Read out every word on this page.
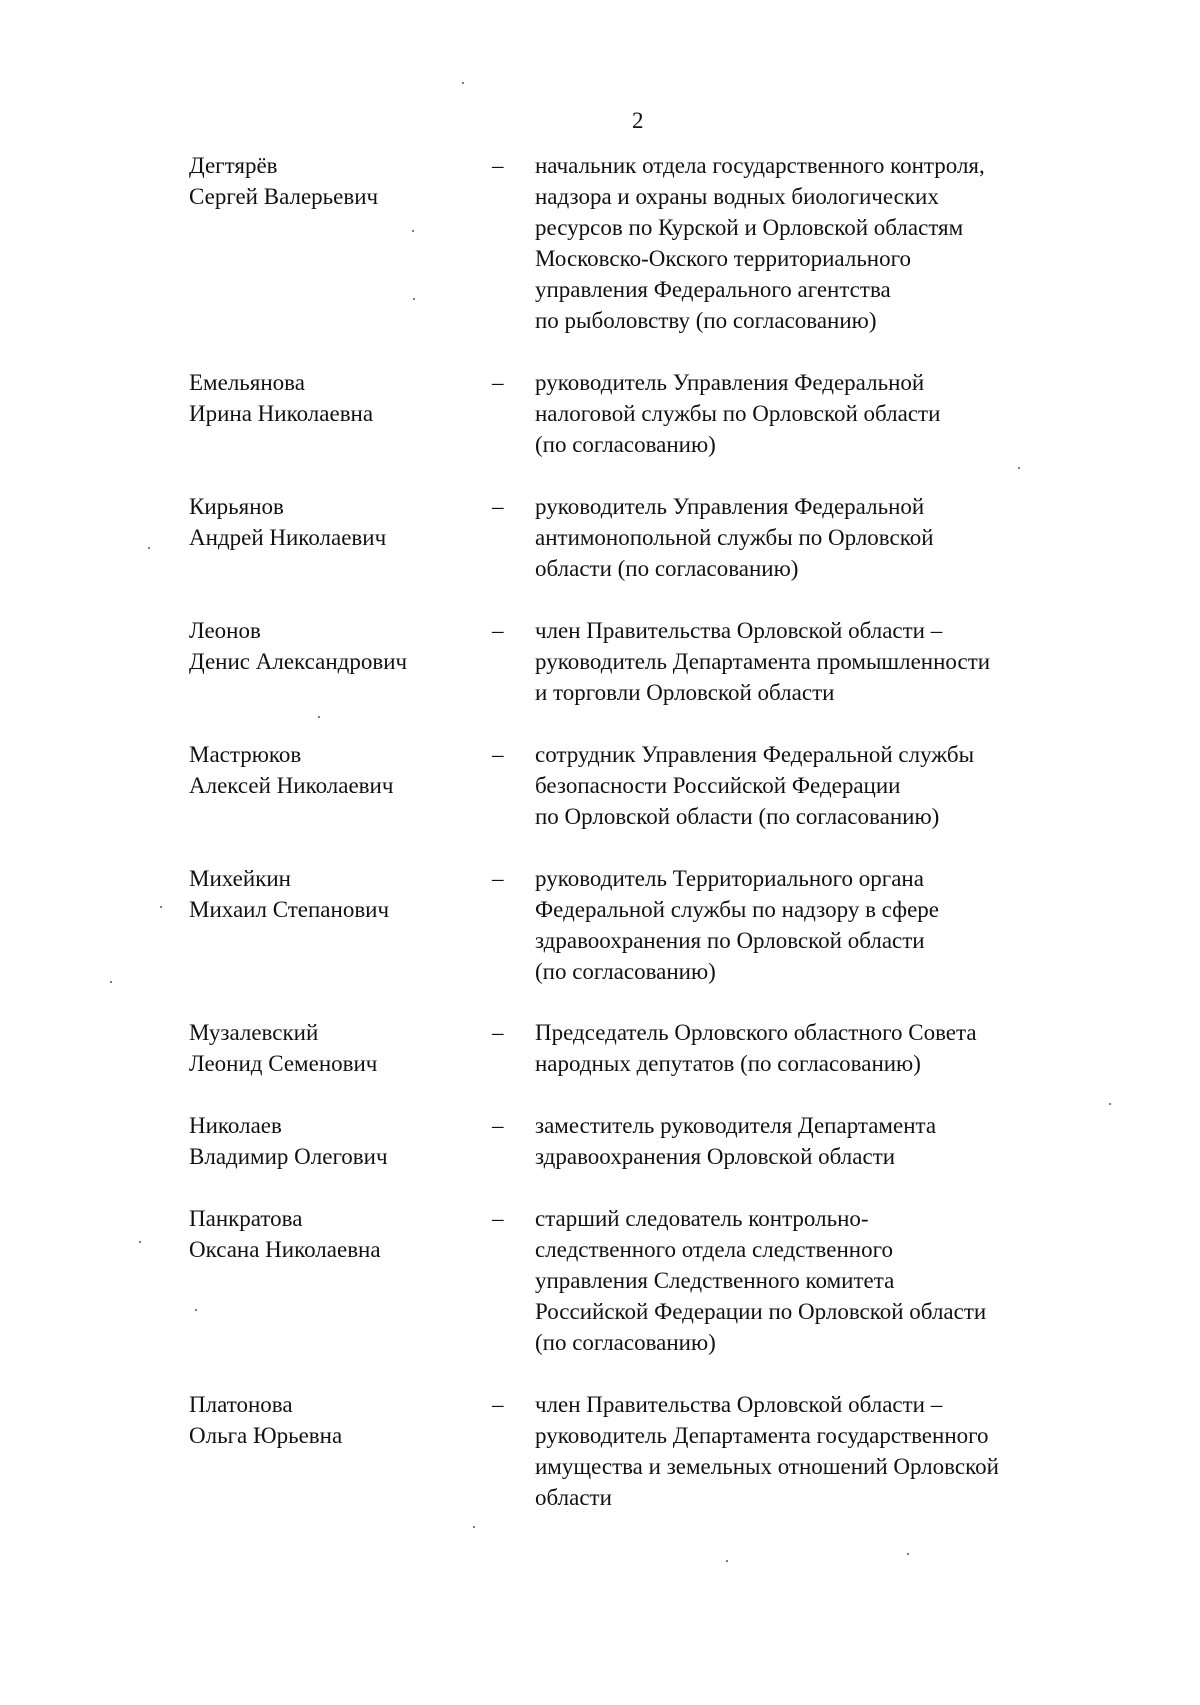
2
Дегтярёв
Сергей Валерьевич
– начальник отдела государственного контроля,
надзора и охраны водных биологических
ресурсов по Курской и Орловской областям
Московско-Окского территориального
управления Федерального агентства
по рыболовству (по согласованию)
Емельянова
Ирина Николаевна
– руководитель Управления Федеральной
налоговой службы по Орловской области
(по согласованию)
Кирьянов
Андрей Николаевич
– руководитель Управления Федеральной
антимонопольной службы по Орловской
области (по согласованию)
Леонов
Денис Александрович
– член Правительства Орловской области –
руководитель Департамента промышленности
и торговли Орловской области
Мастрюков
Алексей Николаевич
– сотрудник Управления Федеральной службы
безопасности Российской Федерации
по Орловской области (по согласованию)
Михейкин
Михаил Степанович
– руководитель Территориального органа
Федеральной службы по надзору в сфере
здравоохранения по Орловской области
(по согласованию)
Музалевский
Леонид Семенович
– Председатель Орловского областного Совета
народных депутатов (по согласованию)
Николаев
Владимир Олегович
– заместитель руководителя Департамента
здравоохранения Орловской области
Панкратова
Оксана Николаевна
– старший следователь контрольно-
следственного отдела следственного
управления Следственного комитета
Российской Федерации по Орловской области
(по согласованию)
Платонова
Ольга Юрьевна
– член Правительства Орловской области –
руководитель Департамента государственного
имущества и земельных отношений Орловской
области
